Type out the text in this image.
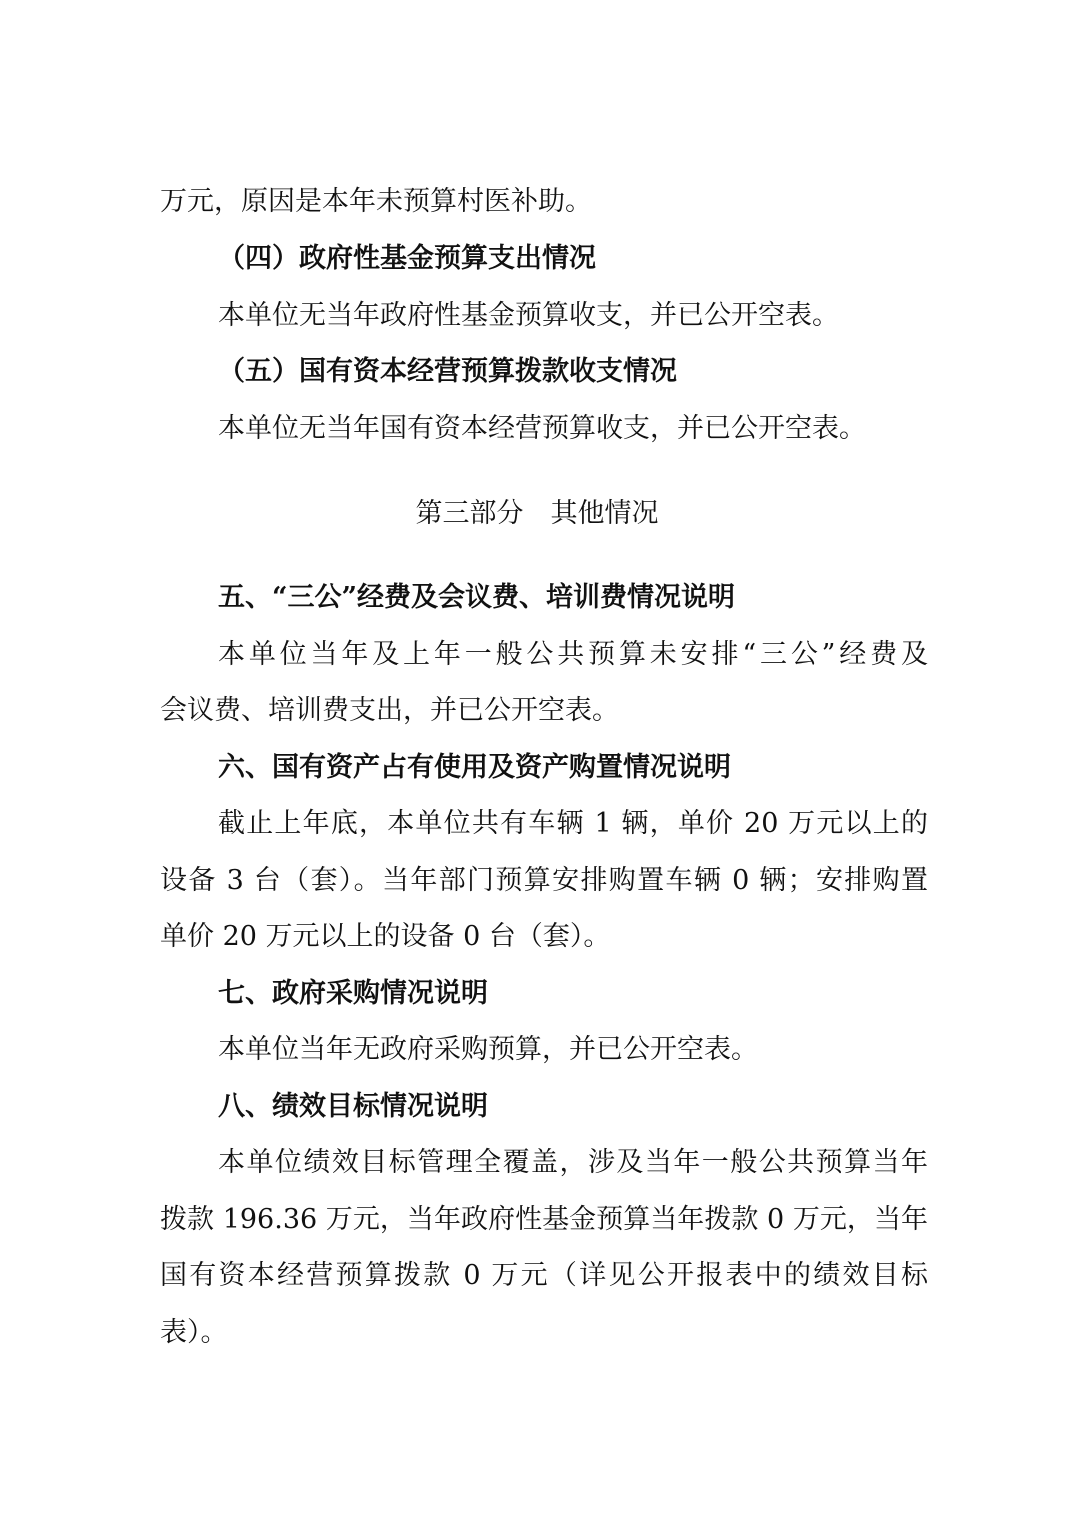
万元，原因是本年未预算村医补助。
（四）政府性基金预算支出情况
本单位无当年政府性基金预算收支，并已公开空表。
（五）国有资本经营预算拨款收支情况
本单位无当年国有资本经营预算收支，并已公开空表。
第三部分　其他情况
五、“三公”经费及会议费、培训费情况说明
本单位当年及上年一般公共预算未安排“三公”经费及
会议费、培训费支出，并已公开空表。
六、国有资产占有使用及资产购置情况说明
截止上年底，本单位共有车辆 1 辆，单价 20 万元以上的
设备 3 台（套）。当年部门预算安排购置车辆 0 辆；安排购置
单价 20 万元以上的设备 0 台（套）。
七、政府采购情况说明
本单位当年无政府采购预算，并已公开空表。
八、绩效目标情况说明
本单位绩效目标管理全覆盖，涉及当年一般公共预算当年
拨款 196.36 万元，当年政府性基金预算当年拨款 0 万元，当年
国有资本经营预算拨款 0 万元（详见公开报表中的绩效目标
表）。
